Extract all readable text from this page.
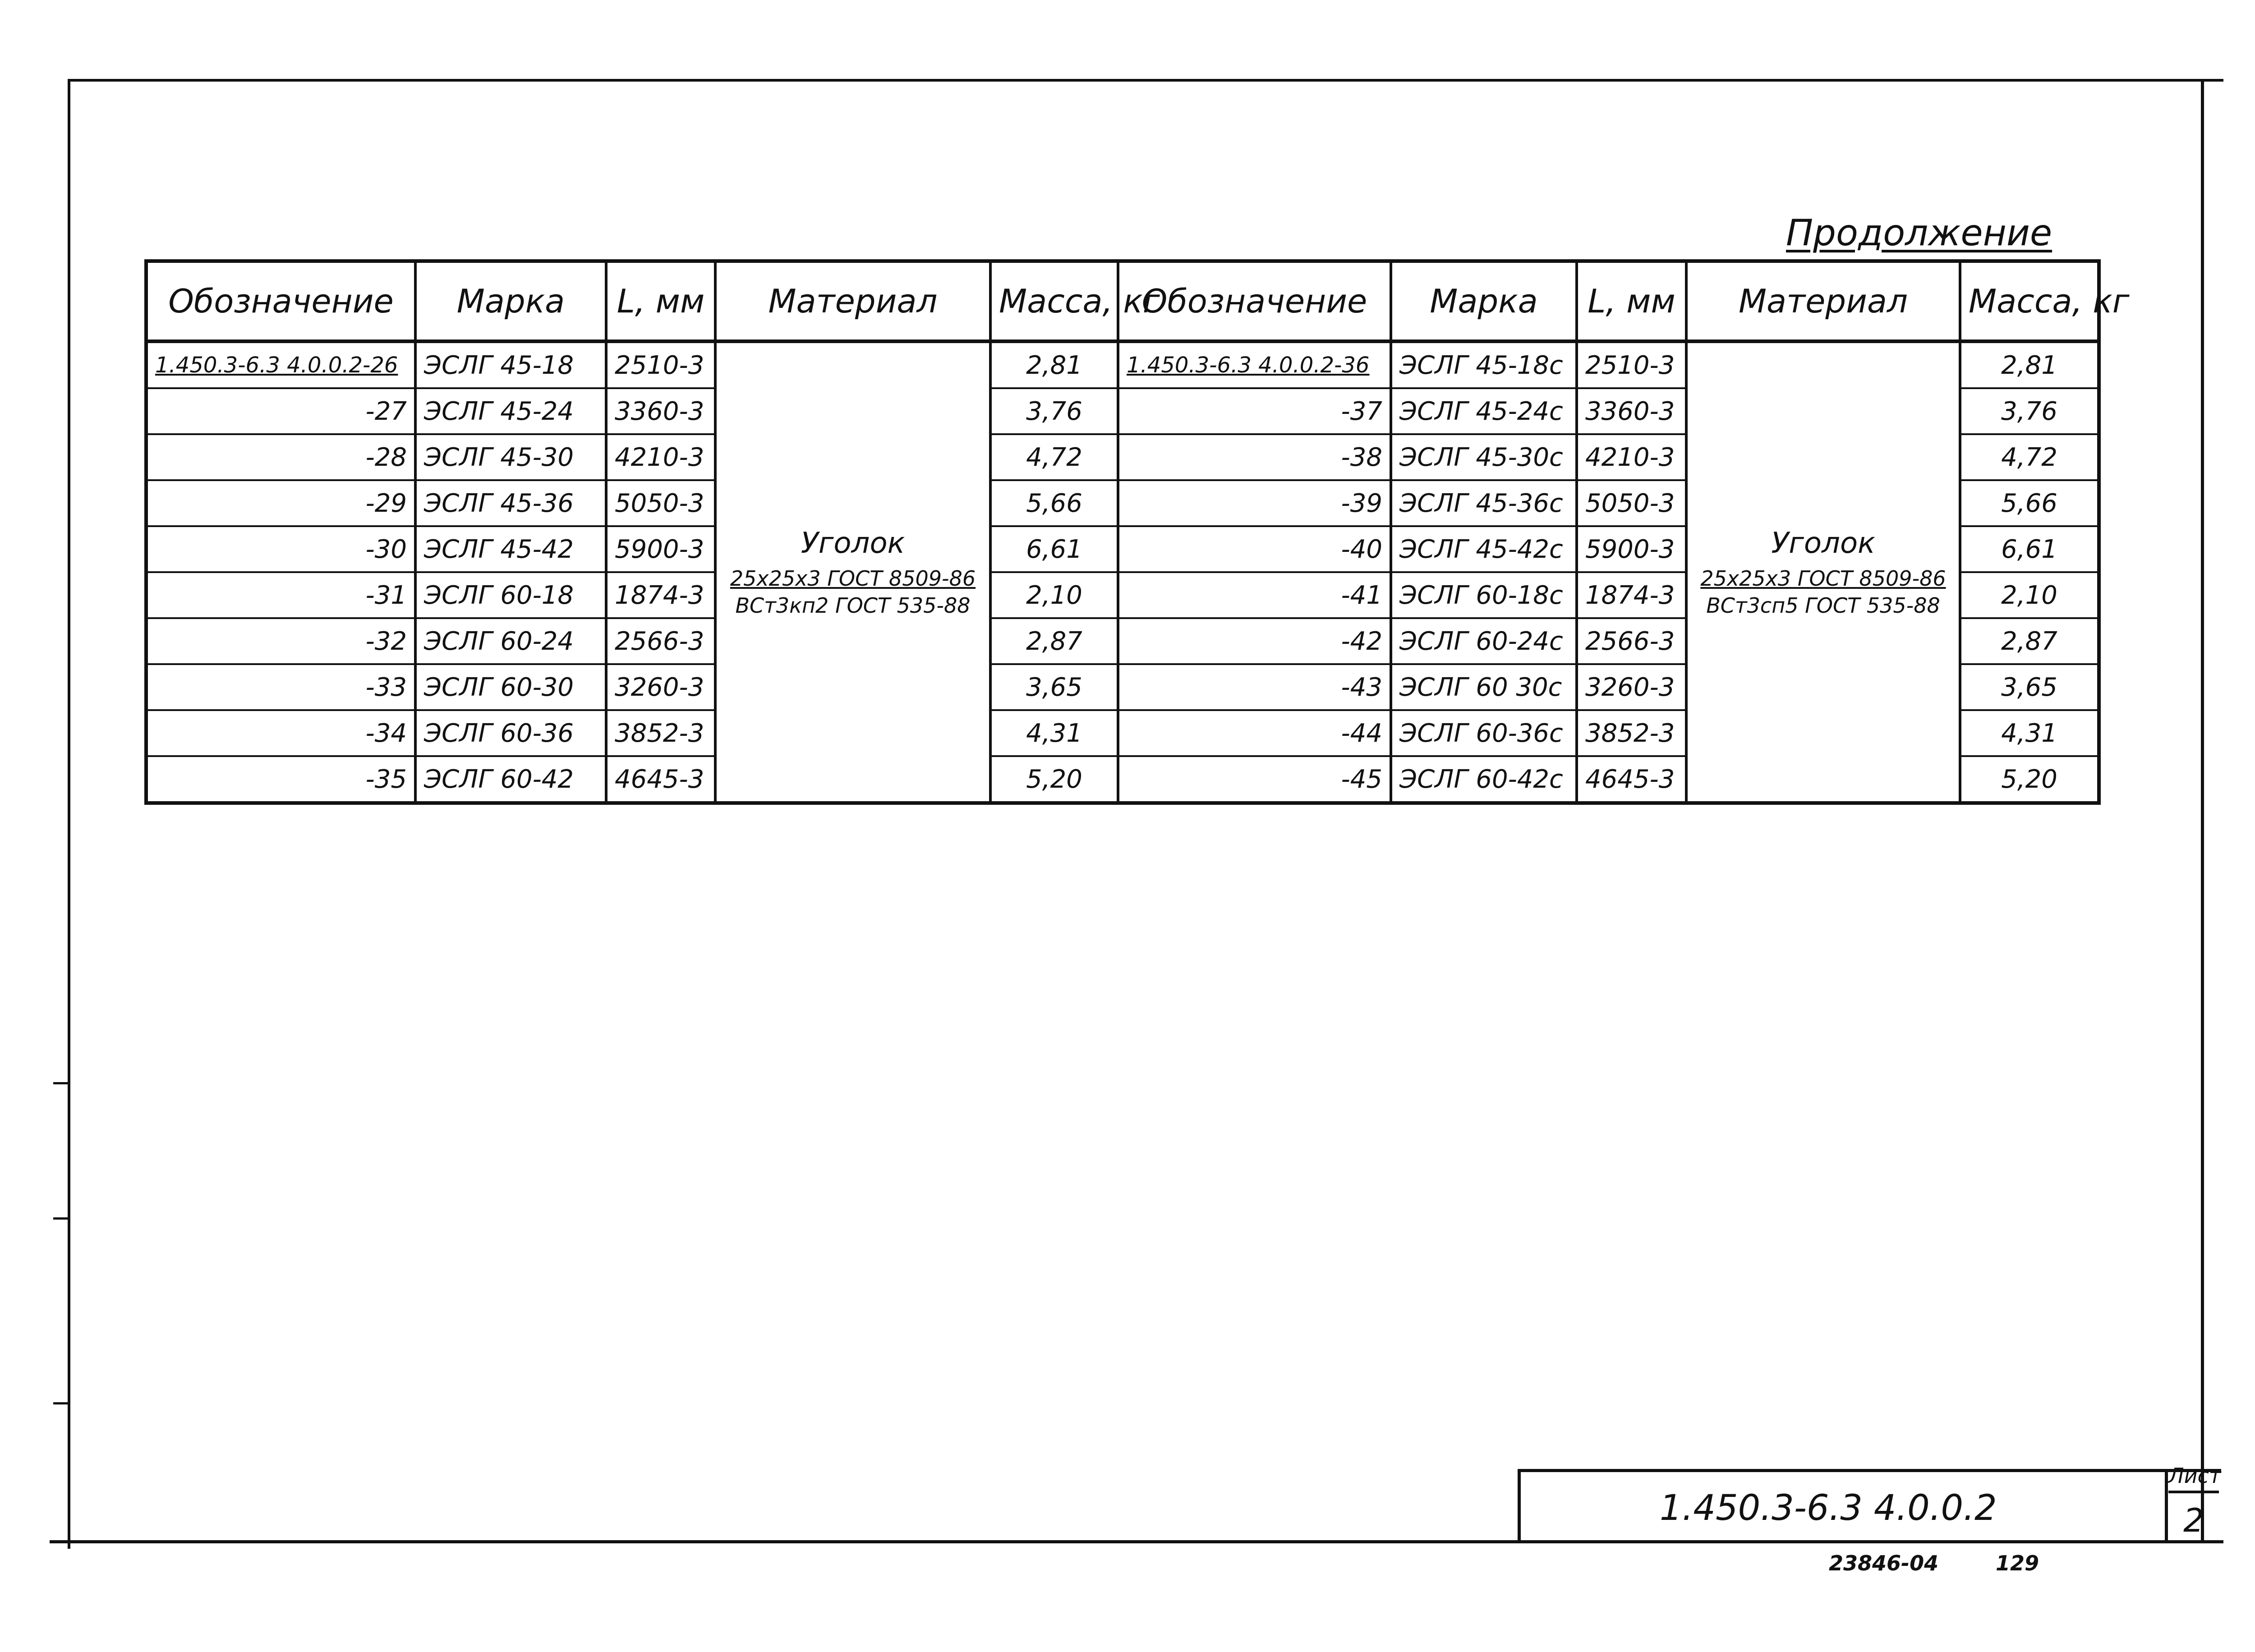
Продолжение
Обозначение	Марка	L, мм	Материал	Масса, кг	Обозначение	Марка	L, мм	Материал	Масса, кг
1.450.3-6.3 4.0.0.2-26	ЭСЛГ 45-18	2510-3	Уголок
25x25x3 ГОСТ 8509-86
ВСт3кп2 ГОСТ 535-88	2,81	1.450.3-6.3 4.0.0.2-36	ЭСЛГ 45-18с	2510-3	Уголок
25x25x3 ГОСТ 8509-86
ВСт3сп5 ГОСТ 535-88	2,81
-27	ЭСЛГ 45-24	3360-3		3,76	-37	ЭСЛГ 45-24с	3360-3		3,76
-28	ЭСЛГ 45-30	4210-3		4,72	-38	ЭСЛГ 45-30с	4210-3		4,72
-29	ЭСЛГ 45-36	5050-3		5,66	-39	ЭСЛГ 45-36с	5050-3		5,66
-30	ЭСЛГ 45-42	5900-3		6,61	-40	ЭСЛГ 45-42с	5900-3		6,61
-31	ЭСЛГ 60-18	1874-3		2,10	-41	ЭСЛГ 60-18с	1874-3		2,10
-32	ЭСЛГ 60-24	2566-3		2,87	-42	ЭСЛГ 60-24с	2566-3		2,87
-33	ЭСЛГ 60-30	3260-3		3,65	-43	ЭСЛГ 60 30с	3260-3		3,65
-34	ЭСЛГ 60-36	3852-3		4,31	-44	ЭСЛГ 60-36с	3852-3		4,31
-35	ЭСЛГ 60-42	4645-3		5,20	-45	ЭСЛГ 60-42с	4645-3		5,20
1.450.3-6.3 4.0.0.2
Лист
2
23846-04	129
